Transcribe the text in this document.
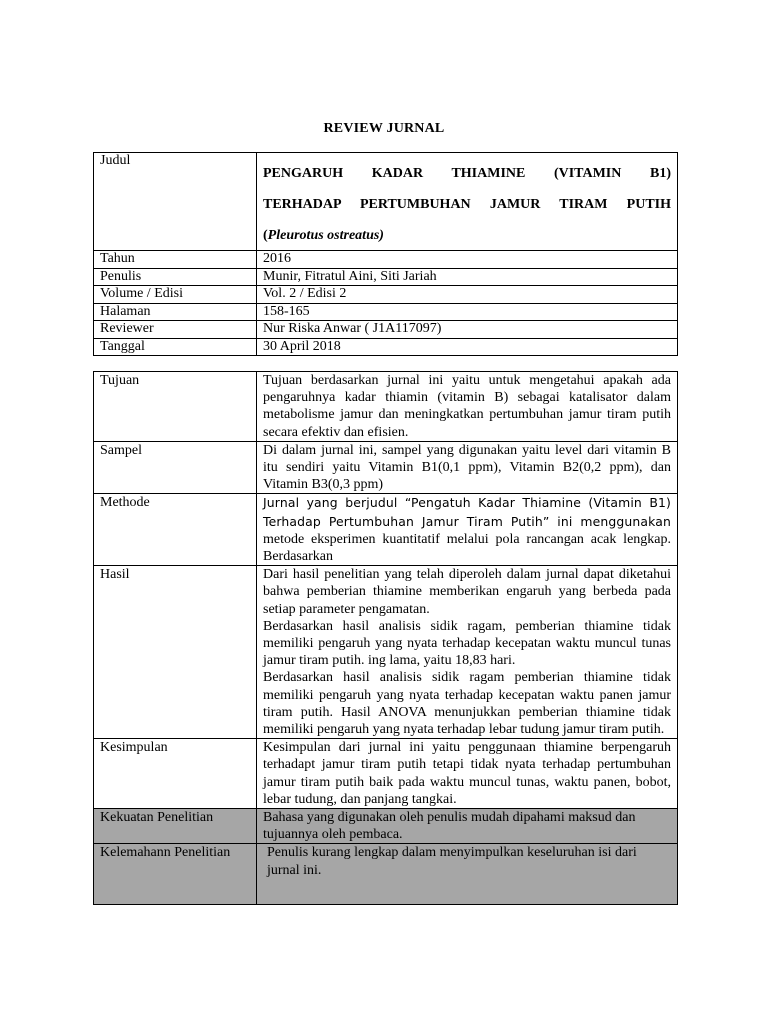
REVIEW JURNAL
Judul	PENGARUH KADAR THIAMINE (VITAMIN B1)

TERHADAP PERTUMBUHAN JAMUR TIRAM PUTIH

(Pleurotus ostreatus)

Tahun	2016
Penulis	Munir, Fitratul Aini, Siti Jariah
Volume / Edisi	Vol. 2 / Edisi 2
Halaman	158-165
Reviewer	Nur Riska Anwar ( J1A117097)
Tanggal	30 April 2018
Tujuan	Tujuan berdasarkan jurnal ini yaitu untuk mengetahui apakah ada pengaruhnya kadar thiamin (vitamin B) sebagai katalisator dalam metabolisme jamur dan meningkatkan pertumbuhan jamur tiram putih secara efektiv dan efisien.
Sampel	Di dalam jurnal ini, sampel yang digunakan yaitu level dari vitamin B itu sendiri yaitu Vitamin B1(0,1 ppm), Vitamin B2(0,2 ppm), dan Vitamin B3(0,3 ppm)
Methode	Jurnal yang berjudul “Pengatuh Kadar Thiamine (Vitamin B1) Terhadap Pertumbuhan Jamur Tiram Putih” ini menggunakan metode eksperimen kuantitatif melalui pola rancangan acak lengkap. Berdasarkan
Hasil	Dari hasil penelitian yang telah diperoleh dalam jurnal dapat diketahui bahwa pemberian thiamine memberikan engaruh yang berbeda pada setiap parameter pengamatan.

Berdasarkan hasil analisis sidik ragam, pemberian thiamine tidak memiliki pengaruh yang nyata terhadap kecepatan waktu muncul tunas jamur tiram putih. ing lama, yaitu 18,83 hari.

Berdasarkan hasil analisis sidik ragam pemberian thiamine tidak memiliki pengaruh yang nyata terhadap kecepatan waktu panen jamur tiram putih. Hasil ANOVA menunjukkan pemberian thiamine tidak memiliki pengaruh yang nyata terhadap lebar tudung jamur tiram putih.

Kesimpulan	Kesimpulan dari jurnal ini yaitu penggunaan thiamine berpengaruh terhadapt jamur tiram putih tetapi tidak nyata terhadap pertumbuhan jamur tiram putih baik pada waktu muncul tunas, waktu panen, bobot, lebar tudung, dan panjang tangkai.
Kekuatan Penelitian	Bahasa yang digunakan oleh penulis mudah dipahami maksud dan tujuannya oleh pembaca.
Kelemahann Penelitian	Penulis kurang lengkap dalam menyimpulkan keseluruhan isi dari jurnal ini.
